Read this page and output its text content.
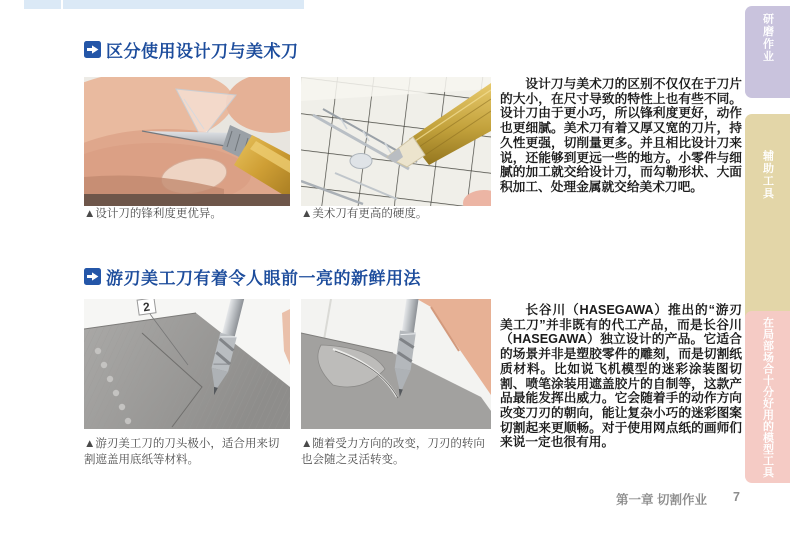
区分使用设计刀与美术刀
▲设计刀的锋利度更优异。	▲美术刀有更高的硬度。
设计刀与美术刀的区别不仅仅在于刀片的大小，在尺寸导致的特性上也有些不同。设计刀由于更小巧，所以锋利度更好，动作也更细腻。美术刀有着又厚又宽的刀片，持久性更强，切削量更多。并且相比设计刀来说，还能够到更远一些的地方。小零件与细腻的加工就交给设计刀，而勾勒形状、大面积加工、处理金属就交给美术刀吧。
游刃美工刀有着令人眼前一亮的新鲜用法
2
▲游刃美工刀的刀头极小，适合用来切割遮盖用底纸等材料。
▲随着受力方向的改变，刀刃的转向也会随之灵活转变。
长谷川（HASEGAWA）推出的“游刃美工刀”并非既有的代工产品，而是长谷川（HASEGAWA）独立设计的产品。它适合的场景并非是塑胶零件的雕刻，而是切割纸质材料。比如说飞机模型的迷彩涂装图切割、喷笔涂装用遮盖胶片的自制等，这款产品最能发挥出威力。它会随着手的动作方向改变刀刃的朝向，能让复杂小巧的迷彩图案切割起来更顺畅。对于使用网点纸的画师们来说一定也很有用。
研磨作业
辅助工具
在局部场合十分好用的模型工具
第一章 切割作业 7
